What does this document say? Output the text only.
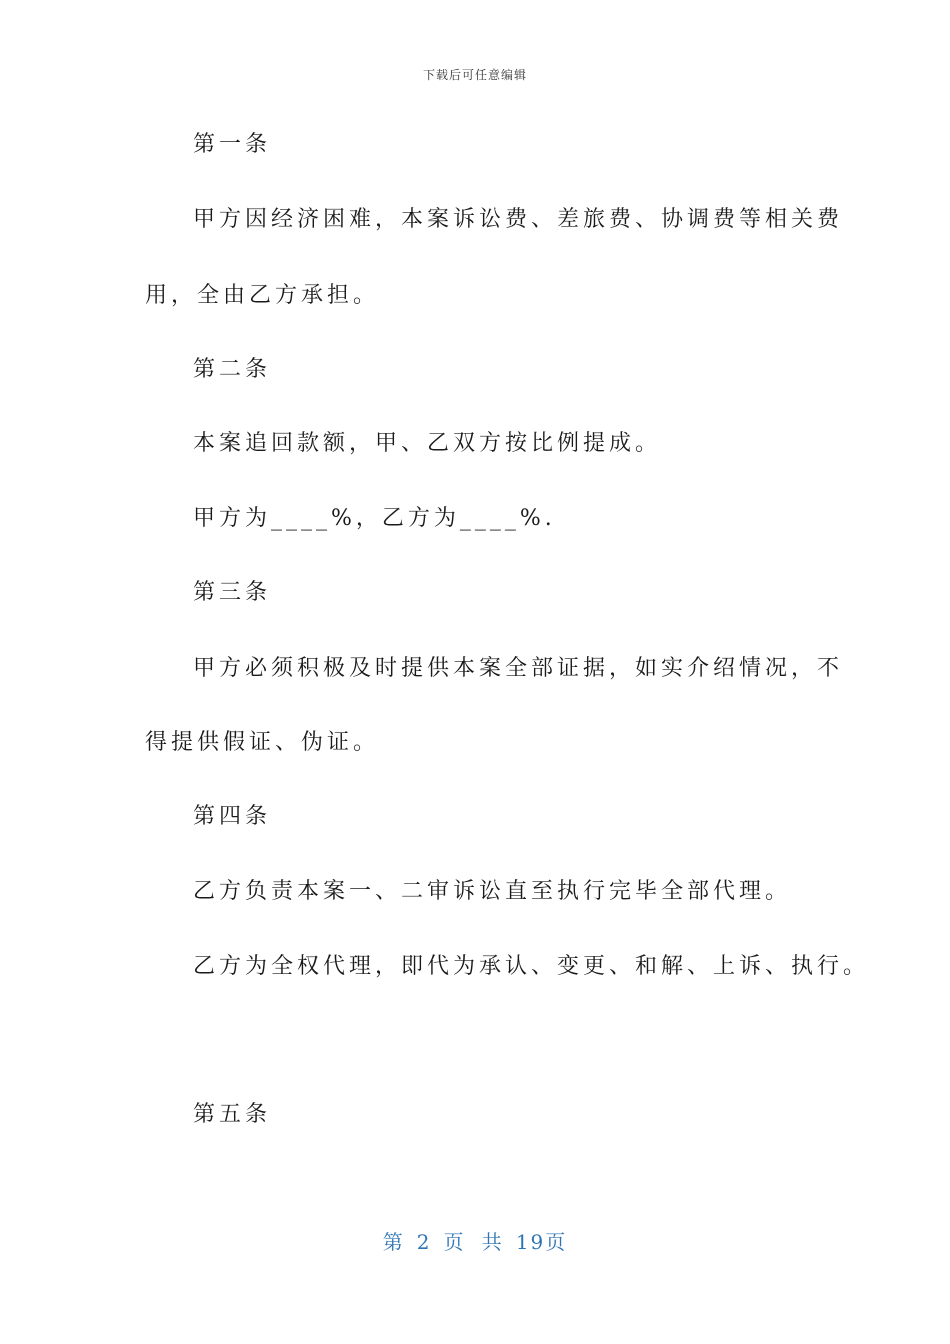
下载后可任意编辑
第一条
甲方因经济困难，本案诉讼费、差旅费、协调费等相关费
用，全由乙方承担。
第二条
本案追回款额，甲、乙双方按比例提成。
甲方为____%，乙方为____%.
第三条
甲方必须积极及时提供本案全部证据，如实介绍情况，不
得提供假证、伪证。
第四条
乙方负责本案一、二审诉讼直至执行完毕全部代理。
乙方为全权代理，即代为承认、变更、和解、上诉、执行。
第五条
第 2 页 共 19页
